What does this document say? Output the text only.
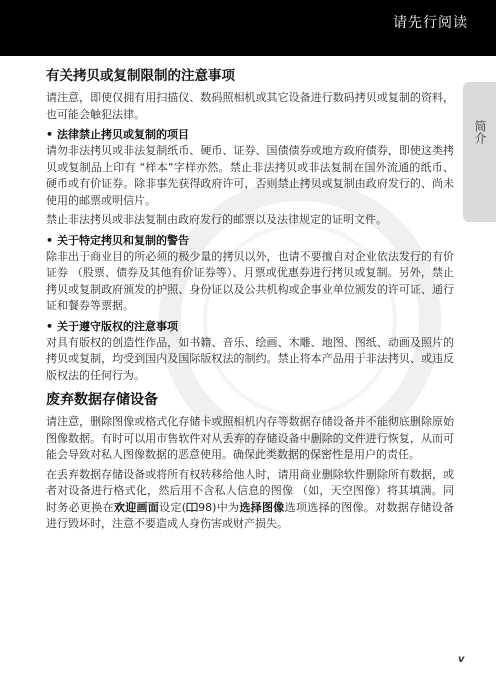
请先行阅读
简介
有关拷贝或复制限制的注意事项

请注意，即使仅拥有用扫描仪、数码照相机或其它设备进行数码拷贝或复制的资料，也可能会触犯法律。

• 法律禁止拷贝或复制的项目

请勿非法拷贝或非法复制纸币、硬币、证券、国债债券或地方政府债券，即使这类拷贝或复制品上印有 “样本”字样亦然。禁止非法拷贝或非法复制在国外流通的纸币、硬币或有价证券。除非事先获得政府许可，否则禁止拷贝或复制由政府发行的、尚未使用的邮票或明信片。

禁止非法拷贝或非法复制由政府发行的邮票以及法律规定的证明文件。

• 关于特定拷贝和复制的警告

除非出于商业目的所必须的极少量的拷贝以外，也请不要擅自对企业依法发行的有价证券 （股票、债券及其他有价证券等）、月票或优惠券进行拷贝或复制。另外，禁止拷贝或复制政府颁发的护照、身份证以及公共机构或企事业单位颁发的许可证、通行证和餐券等票据。

• 关于遵守版权的注意事项

对具有版权的创造性作品，如书籍、音乐、绘画、木雕、地图、图纸、动画及照片的拷贝或复制，均受到国内及国际版权法的制约。禁止将本产品用于非法拷贝、或违反版权法的任何行为。

废弃数据存储设备

请注意，删除图像或格式化存储卡或照相机内存等数据存储设备并不能彻底删除原始图像数据。有时可以用市售软件对从丢弃的存储设备中删除的文件进行恢复，从而可能会导致对私人图像数据的恶意使用。确保此类数据的保密性是用户的责任。

在丢弃数据存储设备或将所有权转移给他人时，请用商业删除软件删除所有数据，或者对设备进行格式化，然后用不含私人信息的图像 （如，天空图像）将其填满。同时务必更换在欢迎画面设定( 98)中为选择图像选项选择的图像。对数据存储设备进行毁坏时，注意不要造成人身伤害或财产损失。

v
